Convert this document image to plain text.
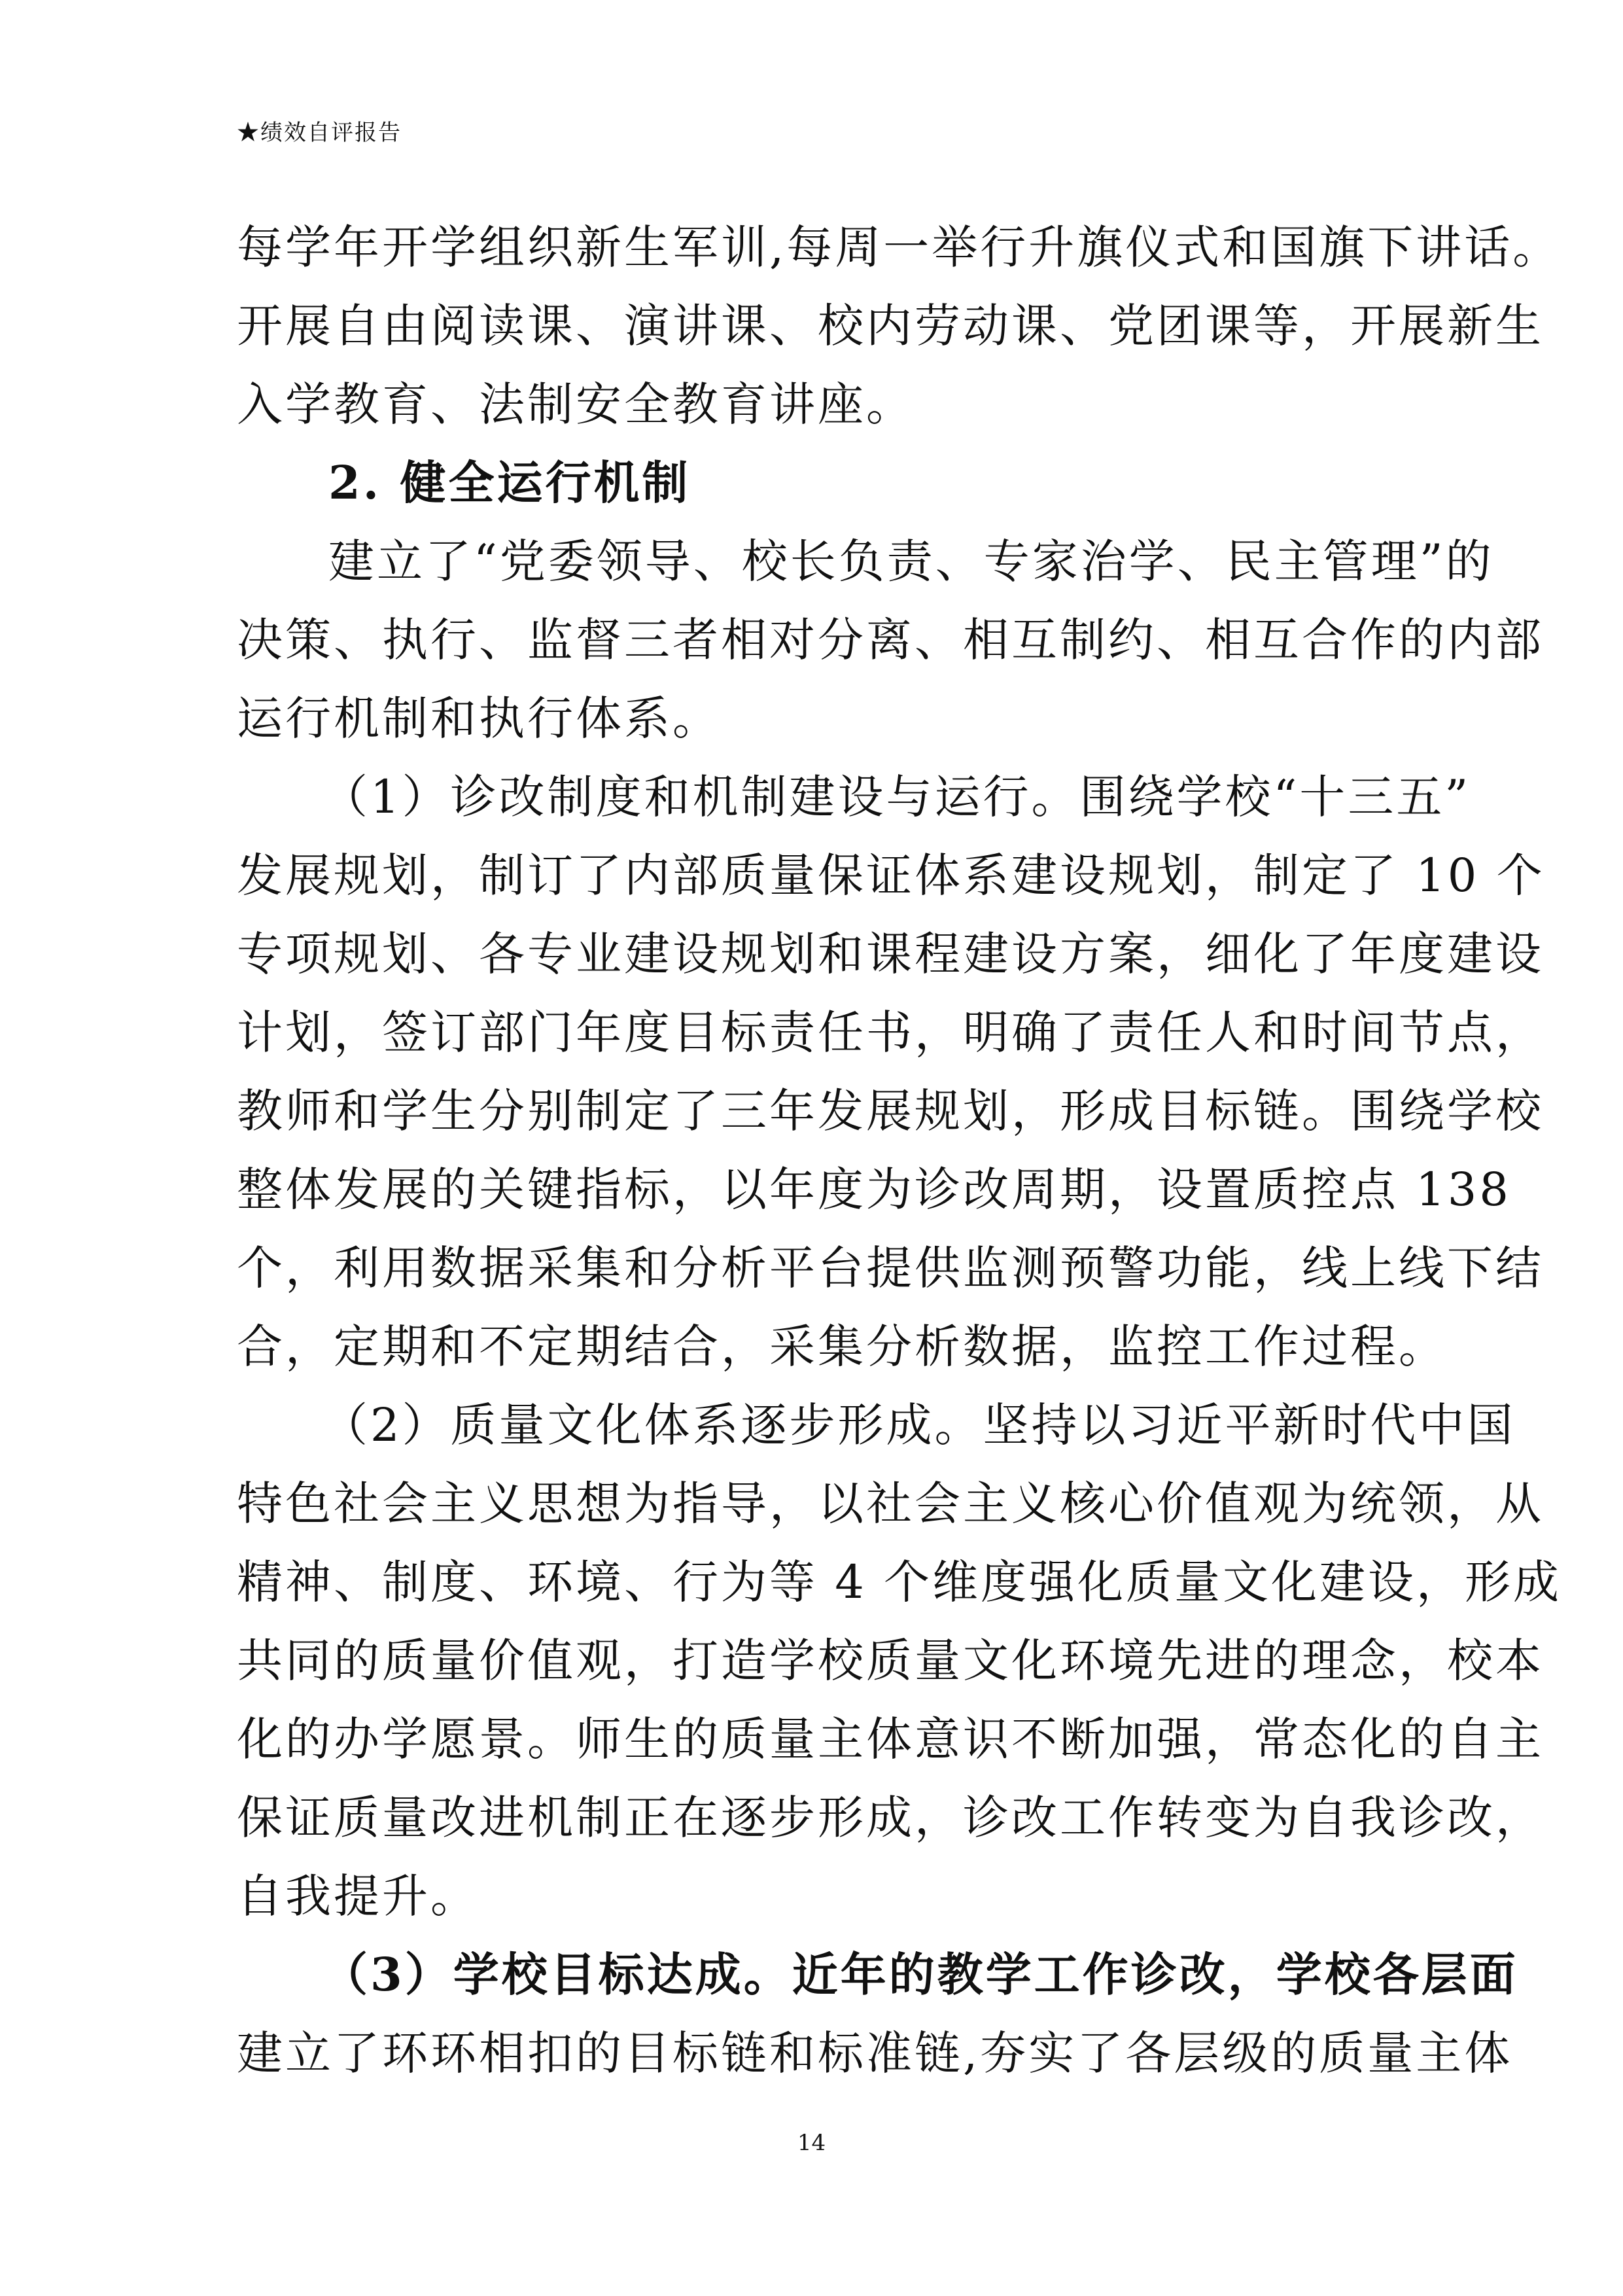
★绩效自评报告
每学年开学组织新生军训,每周一举行升旗仪式和国旗下讲话。
开展自由阅读课、演讲课、校内劳动课、党团课等，开展新生
入学教育、法制安全教育讲座。
2. 健全运行机制
建立了“党委领导、校长负责、专家治学、民主管理”的
决策、执行、监督三者相对分离、相互制约、相互合作的内部
运行机制和执行体系。
（1）诊改制度和机制建设与运行。围绕学校“十三五”
发展规划，制订了内部质量保证体系建设规划，制定了 10 个
专项规划、各专业建设规划和课程建设方案，细化了年度建设
计划，签订部门年度目标责任书，明确了责任人和时间节点，
教师和学生分别制定了三年发展规划，形成目标链。围绕学校
整体发展的关键指标，以年度为诊改周期，设置质控点 138
个，利用数据采集和分析平台提供监测预警功能，线上线下结
合，定期和不定期结合，采集分析数据，监控工作过程。
（2）质量文化体系逐步形成。坚持以习近平新时代中国
特色社会主义思想为指导，以社会主义核心价值观为统领，从
精神、制度、环境、行为等 4 个维度强化质量文化建设，形成
共同的质量价值观，打造学校质量文化环境先进的理念，校本
化的办学愿景。师生的质量主体意识不断加强，常态化的自主
保证质量改进机制正在逐步形成，诊改工作转变为自我诊改，
自我提升。
（3）学校目标达成。近年的教学工作诊改，学校各层面
建立了环环相扣的目标链和标准链,夯实了各层级的质量主体
14
